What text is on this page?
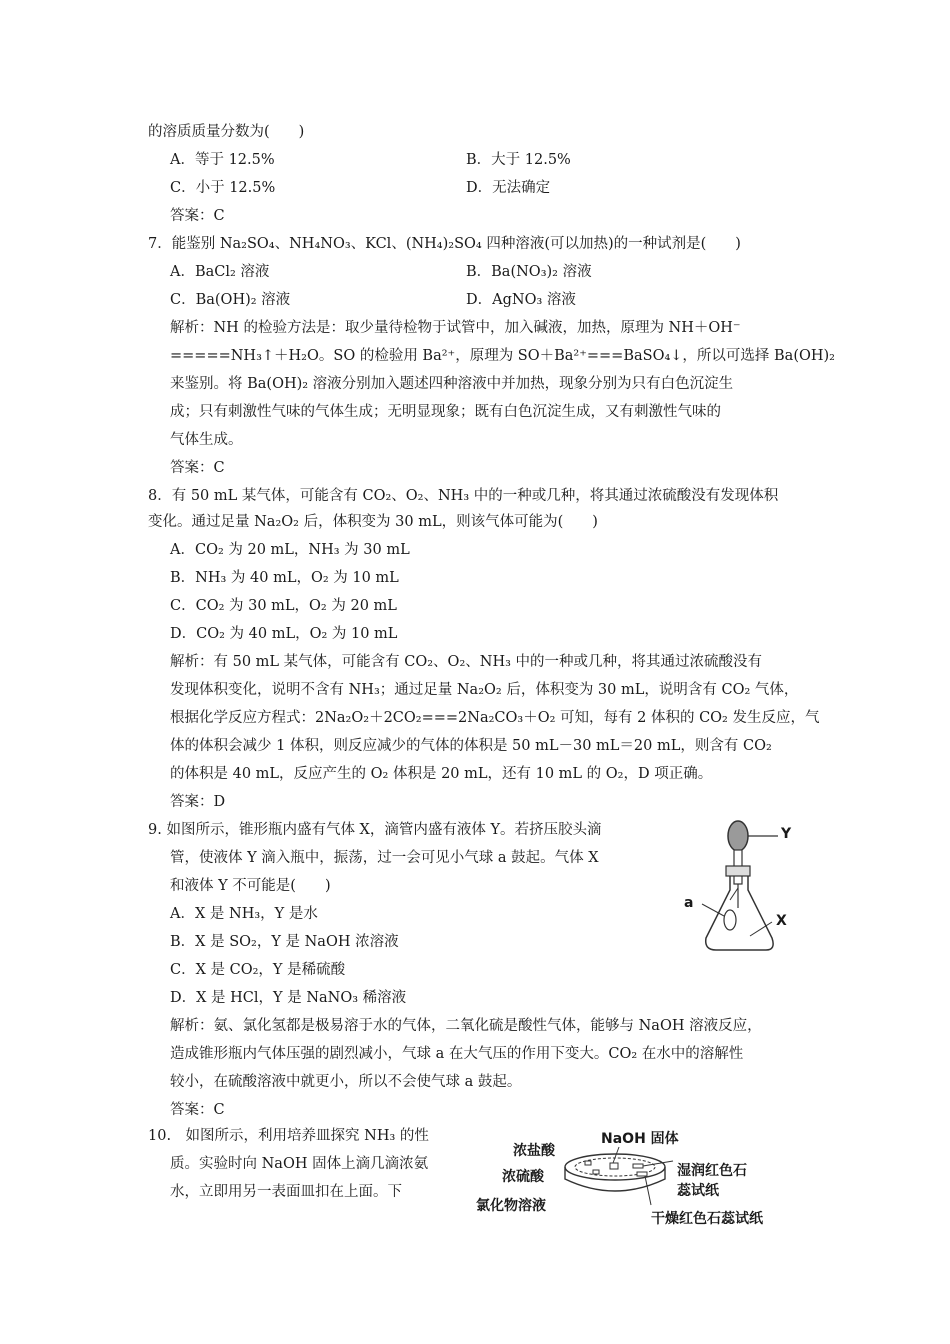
的溶质质量分数为(　　)
A．等于 12.5%	B．大于 12.5%
C．小于 12.5%	D．无法确定
答案：C
7．能鉴别 Na₂SO₄、NH₄NO₃、KCl、(NH₄)₂SO₄ 四种溶液(可以加热)的一种试剂是(　　)
A．BaCl₂ 溶液	B．Ba(NO₃)₂ 溶液
C．Ba(OH)₂ 溶液	D．AgNO₃ 溶液
解析：NH 的检验方法是：取少量待检物于试管中，加入碱液，加热，原理为 NH＋OH⁻
=====NH₃↑＋H₂O。SO 的检验用 Ba²⁺，原理为 SO＋Ba²⁺===BaSO₄↓，所以可选择 Ba(OH)₂
来鉴别。将 Ba(OH)₂ 溶液分别加入题述四种溶液中并加热，现象分别为只有白色沉淀生
成；只有刺激性气味的气体生成；无明显现象；既有白色沉淀生成，又有刺激性气味的
气体生成。
答案：C
8．有 50 mL 某气体，可能含有 CO₂、O₂、NH₃ 中的一种或几种，将其通过浓硫酸没有发现体积
变化。通过足量 Na₂O₂ 后，体积变为 30 mL，则该气体可能为(　　)
A．CO₂ 为 20 mL，NH₃ 为 30 mL
B．NH₃ 为 40 mL，O₂ 为 10 mL
C．CO₂ 为 30 mL，O₂ 为 20 mL
D．CO₂ 为 40 mL，O₂ 为 10 mL
解析：有 50 mL 某气体，可能含有 CO₂、O₂、NH₃ 中的一种或几种，将其通过浓硫酸没有
发现体积变化，说明不含有 NH₃；通过足量 Na₂O₂ 后，体积变为 30 mL，说明含有 CO₂ 气体，
根据化学反应方程式：2Na₂O₂＋2CO₂===2Na₂CO₃＋O₂ 可知，每有 2 体积的 CO₂ 发生反应，气
体的体积会减少 1 体积，则反应减少的气体的体积是 50 mL－30 mL＝20 mL，则含有 CO₂
的体积是 40 mL，反应产生的 O₂ 体积是 20 mL，还有 10 mL 的 O₂，D 项正确。
答案：D
9. 如图所示，锥形瓶内盛有气体 X，滴管内盛有液体 Y。若挤压胶头滴
管，使液体 Y 滴入瓶中，振荡，过一会可见小气球 a 鼓起。气体 X
和液体 Y 不可能是(　　)
A．X 是 NH₃，Y 是水
B．X 是 SO₂，Y 是 NaOH 浓溶液
C．X 是 CO₂，Y 是稀硫酸
D．X 是 HCl，Y 是 NaNO₃ 稀溶液
解析：氨、氯化氢都是极易溶于水的气体，二氧化硫是酸性气体，能够与 NaOH 溶液反应，
造成锥形瓶内气体压强的剧烈减小，气球 a 在大气压的作用下变大。CO₂ 在水中的溶解性
较小，在硫酸溶液中就更小，所以不会使气球 a 鼓起。
答案：C
10.　如图所示，利用培养皿探究 NH₃ 的性
质。实验时向 NaOH 固体上滴几滴浓氨
水，立即用另一表面皿扣在上面。下
Y
a
X
NaOH 固体
浓盐酸
浓硫酸
氯化物溶液
湿润红色石
蕊试纸
干燥红色石蕊试纸
